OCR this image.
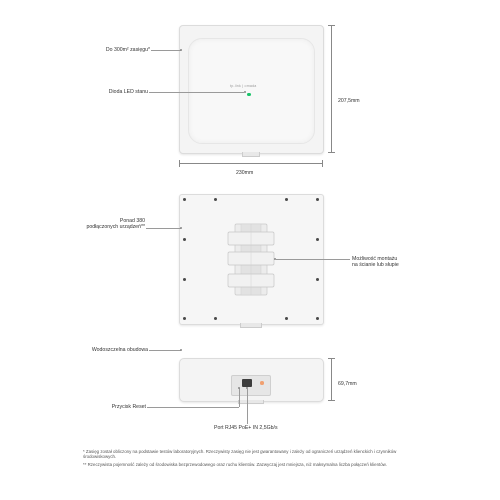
tp-link | omada
Do 300m² zasięgu*
Dioda LED stanu
207,5mm
230mm
Ponad 380
podłączonych urządzeń**
Możliwość montażu
na ścianie lub słupie
Wodoszczelna obudowa
Przycisk Reset
Port RJ45 PoE+ IN 2,5Gb/s
69,7mm
* Zasięg został obliczony na podstawie testów laboratoryjnych. Rzeczywisty zasięg nie jest gwarantowany i zależy od ograniczeń urządzeń klienckich i czynników środowiskowych.
** Rzeczywista pojemność zależy od środowiska bezprzewodowego oraz ruchu klientów. Zazwyczaj jest mniejsza, niż maksymalna liczba połączeń klientów.
